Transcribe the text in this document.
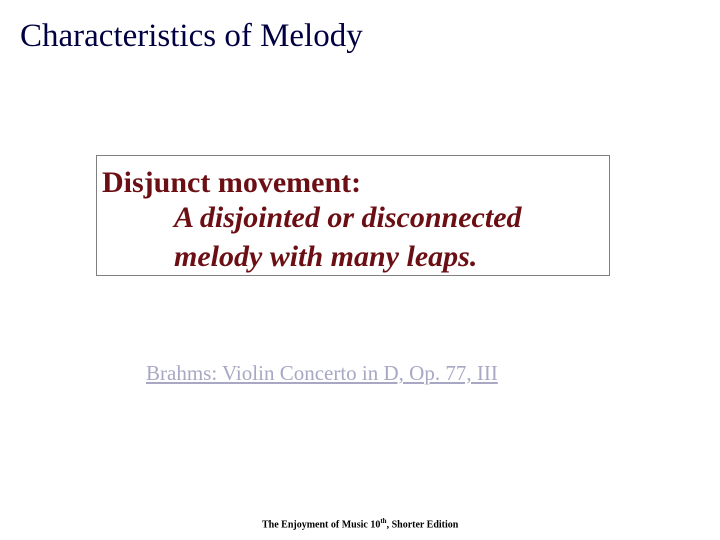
Characteristics of Melody
Disjunct movement:
A disjointed or disconnected
melody with many leaps.
Brahms: Violin Concerto in D, Op. 77, III
The Enjoyment of Music 10th, Shorter Edition
